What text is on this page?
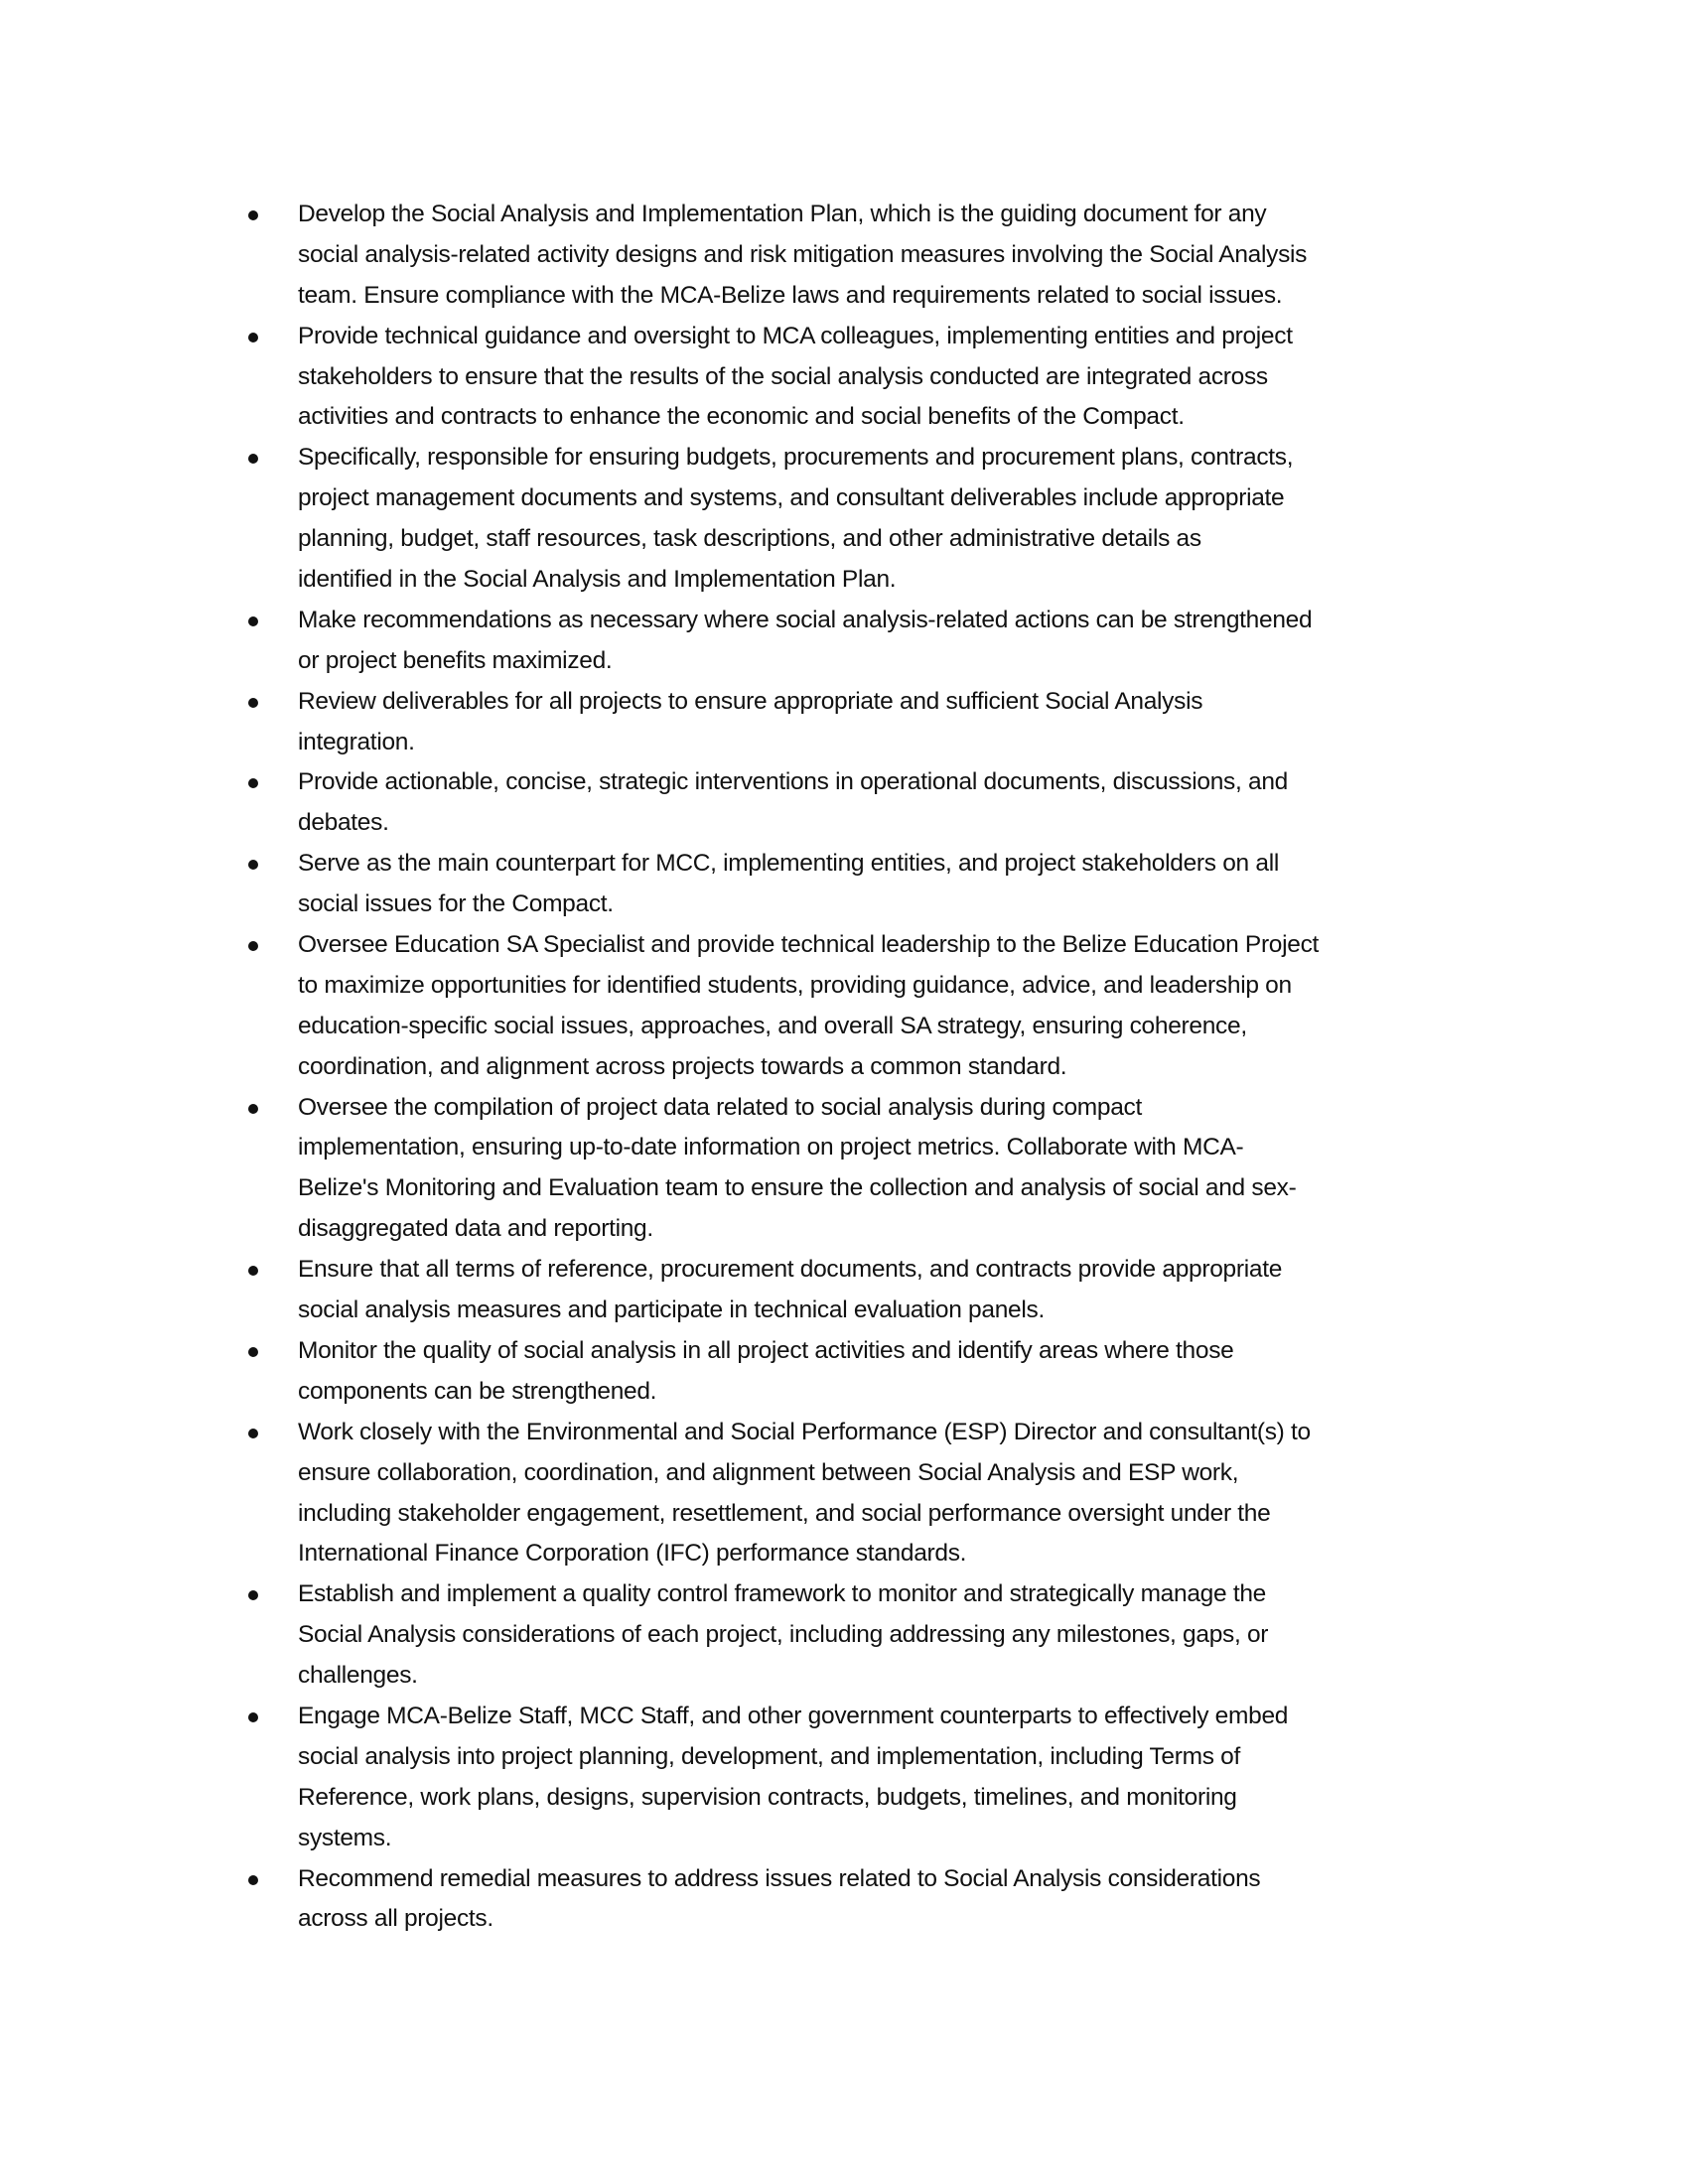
Develop the Social Analysis and Implementation Plan, which is the guiding document for any
social analysis-related activity designs and risk mitigation measures involving the Social Analysis
team. Ensure compliance with the MCA-Belize laws and requirements related to social issues.
Provide technical guidance and oversight to MCA colleagues, implementing entities and project
stakeholders to ensure that the results of the social analysis conducted are integrated across
activities and contracts to enhance the economic and social benefits of the Compact.
Specifically, responsible for ensuring budgets, procurements and procurement plans, contracts,
project management documents and systems, and consultant deliverables include appropriate
planning, budget, staff resources, task descriptions, and other administrative details as
identified in the Social Analysis and Implementation Plan.
Make recommendations as necessary where social analysis-related actions can be strengthened
or project benefits maximized.
Review deliverables for all projects to ensure appropriate and sufficient Social Analysis
integration.
Provide actionable, concise, strategic interventions in operational documents, discussions, and
debates.
Serve as the main counterpart for MCC, implementing entities, and project stakeholders on all
social issues for the Compact.
Oversee Education SA Specialist and provide technical leadership to the Belize Education Project
to maximize opportunities for identified students, providing guidance, advice, and leadership on
education-specific social issues, approaches, and overall SA strategy, ensuring coherence,
coordination, and alignment across projects towards a common standard.
Oversee the compilation of project data related to social analysis during compact
implementation, ensuring up-to-date information on project metrics. Collaborate with MCA-
Belize's Monitoring and Evaluation team to ensure the collection and analysis of social and sex-
disaggregated data and reporting.
Ensure that all terms of reference, procurement documents, and contracts provide appropriate
social analysis measures and participate in technical evaluation panels.
Monitor the quality of social analysis in all project activities and identify areas where those
components can be strengthened.
Work closely with the Environmental and Social Performance (ESP) Director and consultant(s) to
ensure collaboration, coordination, and alignment between Social Analysis and ESP work,
including stakeholder engagement, resettlement, and social performance oversight under the
International Finance Corporation (IFC) performance standards.
Establish and implement a quality control framework to monitor and strategically manage the
Social Analysis considerations of each project, including addressing any milestones, gaps, or
challenges.
Engage MCA-Belize Staff, MCC Staff, and other government counterparts to effectively embed
social analysis into project planning, development, and implementation, including Terms of
Reference, work plans, designs, supervision contracts, budgets, timelines, and monitoring
systems.
Recommend remedial measures to address issues related to Social Analysis considerations
across all projects.
